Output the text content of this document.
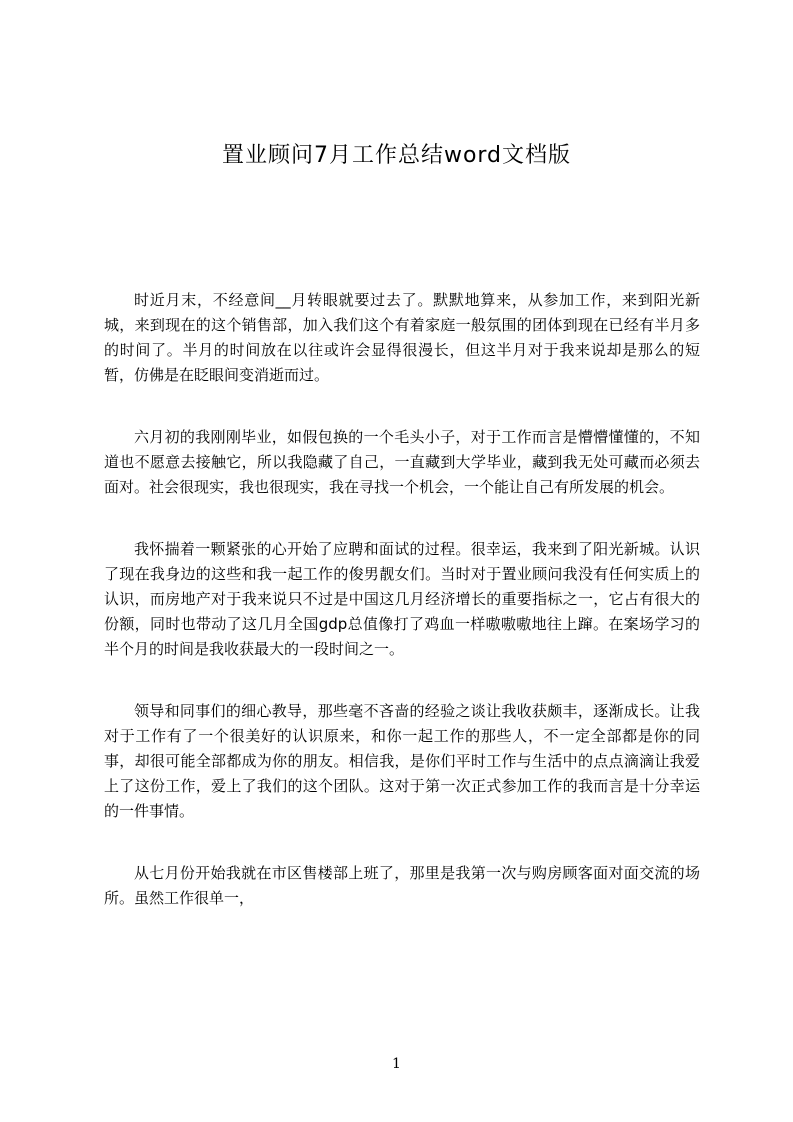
置业顾问7月工作总结word文档版

时近月末，不经意间__月转眼就要过去了。默默地算来，从参加工作，来到阳光新城，来到现在的这个销售部，加入我们这个有着家庭一般氛围的团体到现在已经有半月多的时间了。半月的时间放在以往或许会显得很漫长，但这半月对于我来说却是那么的短暂，仿佛是在眨眼间变消逝而过。

六月初的我刚刚毕业，如假包换的一个毛头小子，对于工作而言是懵懵懂懂的，不知道也不愿意去接触它，所以我隐藏了自己，一直藏到大学毕业，藏到我无处可藏而必须去面对。社会很现实，我也很现实，我在寻找一个机会，一个能让自己有所发展的机会。

我怀揣着一颗紧张的心开始了应聘和面试的过程。很幸运，我来到了阳光新城。认识了现在我身边的这些和我一起工作的俊男靓女们。当时对于置业顾问我没有任何实质上的认识，而房地产对于我来说只不过是中国这几月经济增长的重要指标之一，它占有很大的份额，同时也带动了这几月全国gdp总值像打了鸡血一样嗷嗷嗷地往上蹿。在案场学习的半个月的时间是我收获最大的一段时间之一。

领导和同事们的细心教导，那些毫不吝啬的经验之谈让我收获颇丰，逐渐成长。让我对于工作有了一个很美好的认识原来，和你一起工作的那些人，不一定全部都是你的同事，却很可能全部都成为你的朋友。相信我，是你们平时工作与生活中的点点滴滴让我爱上了这份工作，爱上了我们的这个团队。这对于第一次正式参加工作的我而言是十分幸运的一件事情。

从七月份开始我就在市区售楼部上班了，那里是我第一次与购房顾客面对面交流的场所。虽然工作很单一，

1
